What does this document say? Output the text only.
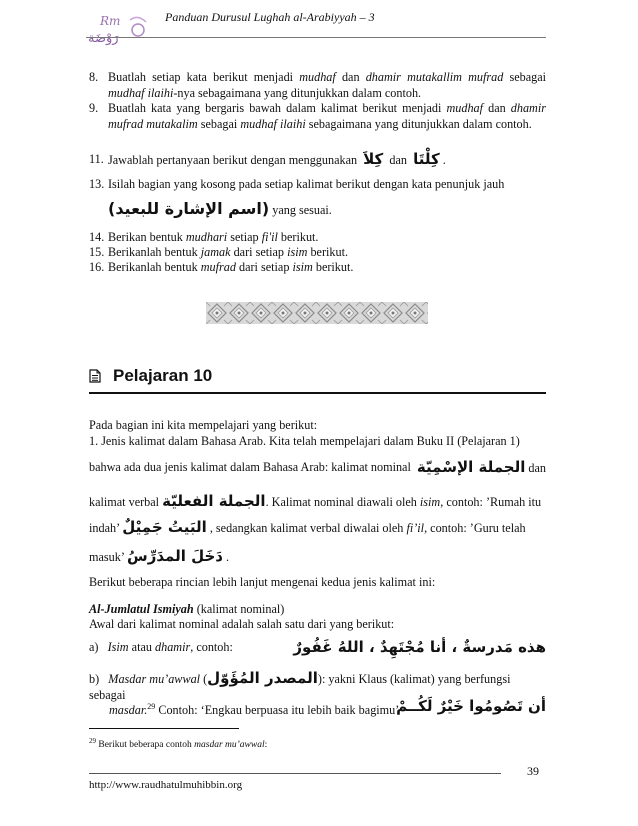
Rm
رَوْضَة
Panduan Durusul Lughah al-Arabiyyah – 3
8. Buatlah setiap kata berikut menjadi mudhaf dan dhamir mutakallim mufrad sebagai mudhaf ilaihi-nya sebagaimana yang ditunjukkan dalam contoh.
9. Buatlah kata yang bergaris bawah dalam kalimat berikut menjadi mudhaf dan dhamir mufrad mutakalim sebagai mudhaf ilaihi sebagaimana yang ditunjukkan dalam contoh.
11. Jawablah pertanyaan berikut dengan menggunakan كِلاَ dan كِلْتَا .
13. Isilah bagian yang kosong pada setiap kalimat berikut dengan kata penunjuk jauh
(اسم الإشارة للبعيد) yang sesuai.
14. Berikan bentuk mudhari setiap fi'il berikut.
15. Berikanlah bentuk jamak dari setiap isim berikut.
16. Berikanlah bentuk mufrad dari setiap isim berikut.
Pelajaran 10
Pada bagian ini kita mempelajari yang berikut:
1. Jenis kalimat dalam Bahasa Arab. Kita telah mempelajari dalam Buku II (Pelajaran 1)
bahwa ada dua jenis kalimat dalam Bahasa Arab: kalimat nominal الجملة الإسْمِيّة dan
kalimat verbal الجملة الفعليّة. Kalimat nominal diawali oleh isim, contoh: ’Rumah itu
indah’ البَيتُ جَمِيْلٌ , sedangkan kalimat verbal diwalai oleh fi’il, contoh: ’Guru telah
masuk’ دَخَلَ المدَرِّسُ .
Berikut beberapa rincian lebih lanjut mengenai kedua jenis kalimat ini:
Al-Jumlatul Ismiyah (kalimat nominal)
Awal dari kalimat nominal adalah salah satu dari yang berikut:
a) Isim atau dhamir, contoh:	هذه مَدرسةٌ ، أنا مُجْتَهِدٌ ، اللهُ غَفُورٌ
b) Masdar mu’awwal (المصدر المُؤَوّل): yakni Klaus (kalimat) yang berfungsi sebagai
masdar.$^{29}$ Contoh: ‘Engkau berpuasa itu lebih baik bagimu’
أن تَصُومُوا خَيْرٌ لَكُــمْ
$^{29}$ Berikut beberapa contoh masdar mu’awwal:
39
http://www.raudhatulmuhibbin.org
